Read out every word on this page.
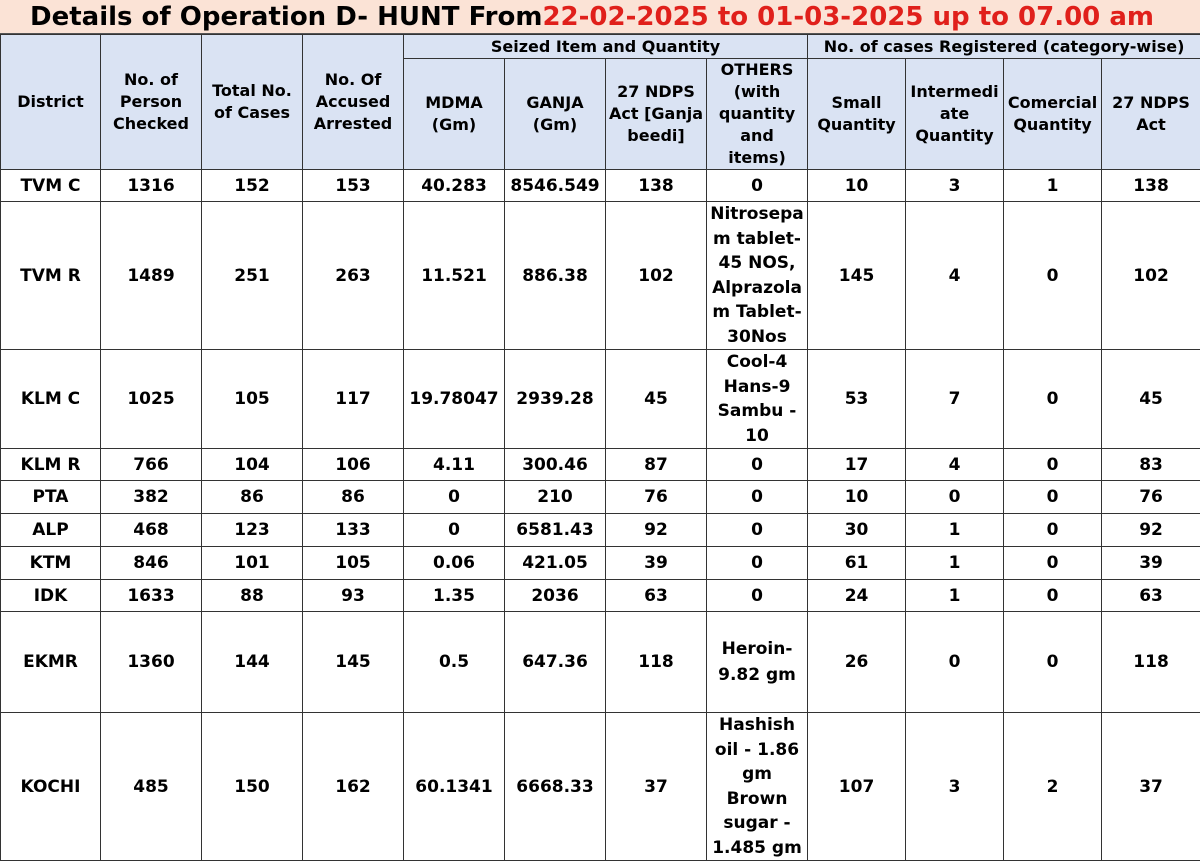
Details of Operation D- HUNT From 22-02-2025 to 01-03-2025 up to 07.00 am
District	No. of Person Checked	Total No. of Cases	No. Of Accused Arrested	Seized Item and Quantity				No. of cases Registered (category-wise)			
				MDMA (Gm)	GANJA (Gm)	27 NDPS Act [Ganja beedi]	OTHERS (with quantity and items)	Small Quantity	Intermedi ate Quantity	Comercial Quantity	27 NDPS Act
TVM C	1316	152	153	40.283	8546.549	138	0	10	3	1	138
TVM R	1489	251	263	11.521	886.38	102	Nitrosepa m tablet- 45 NOS, Alprazola m Tablet- 30Nos	145	4	0	102
KLM C	1025	105	117	19.78047	2939.28	45	Cool-4 Hans-9 Sambu - 10	53	7	0	45
KLM R	766	104	106	4.11	300.46	87	0	17	4	0	83
PTA	382	86	86	0	210	76	0	10	0	0	76
ALP	468	123	133	0	6581.43	92	0	30	1	0	92
KTM	846	101	105	0.06	421.05	39	0	61	1	0	39
IDK	1633	88	93	1.35	2036	63	0	24	1	0	63
EKMR	1360	144	145	0.5	647.36	118	Heroin- 9.82 gm	26	0	0	118
KOCHI	485	150	162	60.1341	6668.33	37	Hashish oil - 1.86 gm Brown sugar - 1.485 gm	107	3	2	37
